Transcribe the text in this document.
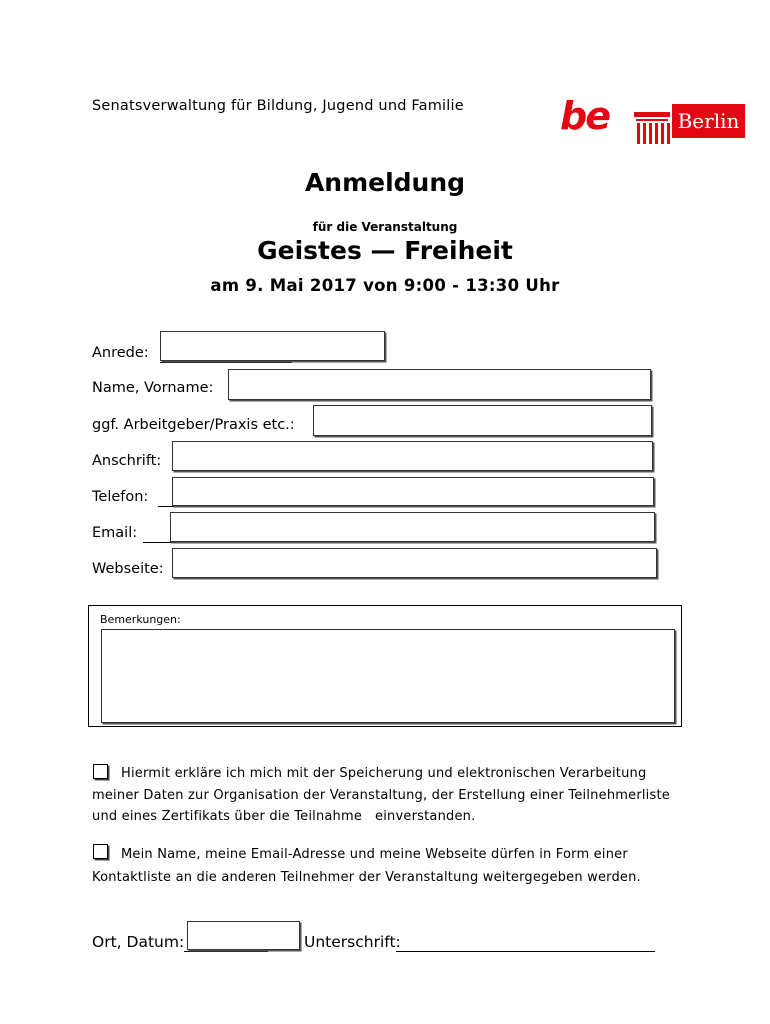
Senatsverwaltung für Bildung, Jugend und Familie	be	Berlin
Anmeldung
für die Veranstaltung
Geistes — Freiheit
am 9. Mai 2017 von 9:00 - 13:30 Uhr
Anrede:
Name, Vorname:
ggf. Arbeitgeber/Praxis etc.:
Anschrift:
Telefon:
Email:
Webseite:
Bemerkungen:
Hiermit erkläre ich mich mit der Speicherung und elektronischen Verarbeitung
meiner Daten zur Organisation der Veranstaltung, der Erstellung einer Teilnehmerliste
und eines Zertifikats über die Teilnahme   einverstanden.
Mein Name, meine Email-Adresse und meine Webseite dürfen in Form einer
Kontaktliste an die anderen Teilnehmer der Veranstaltung weitergegeben werden.
Ort, Datum:	Unterschrift:
